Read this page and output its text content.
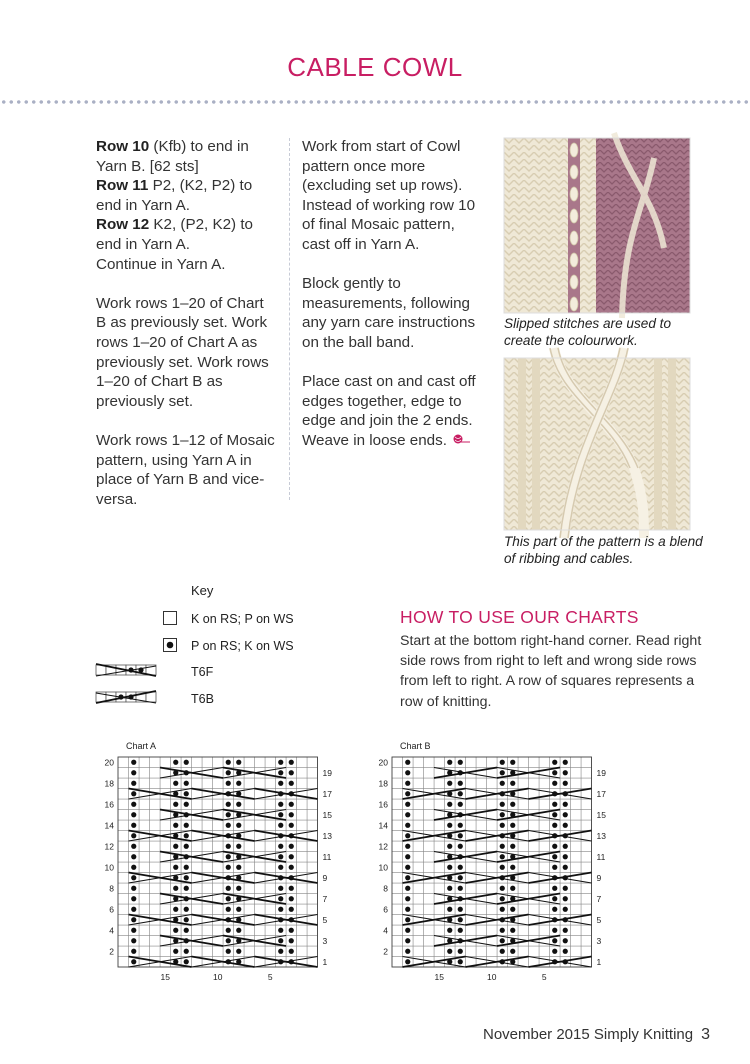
CABLE COWL

Row 10 (Kfb) to end in Yarn B. [62 sts]
Row 11 P2, (K2, P2) to end in Yarn A.
Row 12 K2, (P2, K2) to end in Yarn A.
Continue in Yarn A.

Work rows 1–20 of Chart B as previously set. Work rows 1–20 of Chart A as previously set. Work rows 1–20 of Chart B as previously set.

Work rows 1–12 of Mosaic pattern, using Yarn A in place of Yarn B and vice-versa.

Work from start of Cowl pattern once more (excluding set up rows). Instead of working row 10 of final Mosaic pattern, cast off in Yarn A.

Block gently to measurements, following any yarn care instructions on the ball band.

Place cast on and cast off edges together, edge to edge and join the 2 ends. Weave in loose ends.

Slipped stitches are used to create the colourwork.
This part of the pattern is a blend of ribbing and cables.
Key
K on RS; P on WS
P on RS; K on WS
T6F
T6B
HOW TO USE OUR CHARTS
Start at the bottom right-hand corner. Read right side rows from right to left and wrong side rows from left to right. A row of squares represents a row of knitting.
Chart A
2
4
6
8
10
12
14
16
18
20
1
3
5
7
9
11
13
15
17
19
15	10	5
Chart B
2
4
6
8
10
12
14
16
18
20
1
3
5
7
9
11
13
15
17
19
15	10	5
November 2015 Simply Knitting 3
